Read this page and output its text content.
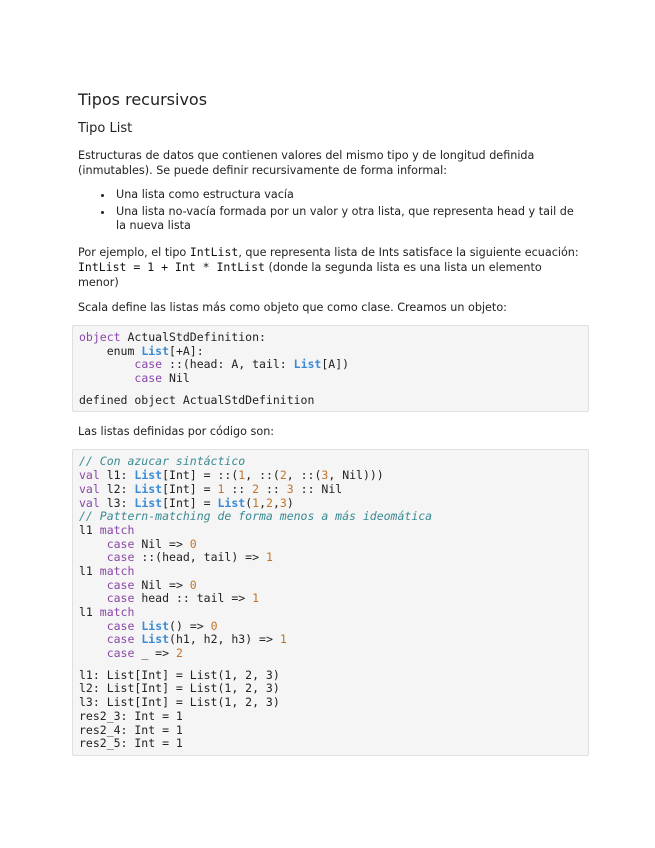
Tipos recursivos
Tipo List

Estructuras de datos que contienen valores del mismo tipo y de longitud definida (inmutables). Se puede definir recursivamente de forma informal:

• Una lista como estructura vacía
• Una lista no-vacía formada por un valor y otra lista, que representa head y tail de la nueva lista

Por ejemplo, el tipo IntList, que representa lista de Ints satisface la siguiente ecuación:
IntList = 1 + Int * IntList (donde la segunda lista es una lista un elemento menor)

Scala define las listas más como objeto que como clase. Creamos un objeto:

object ActualStdDefinition:
enum List[+A]:
case ::(head: A, tail: List[A])
case Nil
defined object ActualStdDefinition

Las listas definidas por código son:

// Con azucar sintáctico
val l1: List[Int] = ::(1, ::(2, ::(3, Nil)))
val l2: List[Int] = 1 :: 2 :: 3 :: Nil
val l3: List[Int] = List(1,2,3)
// Pattern-matching de forma menos a más ideomática
l1 match
case Nil => 0
case ::(head, tail) => 1
l1 match
case Nil => 0
case head :: tail => 1
l1 match
case List() => 0
case List(h1, h2, h3) => 1
case _ => 2
l1: List[Int] = List(1, 2, 3)
l2: List[Int] = List(1, 2, 3)
l3: List[Int] = List(1, 2, 3)
res2_3: Int = 1
res2_4: Int = 1
res2_5: Int = 1
